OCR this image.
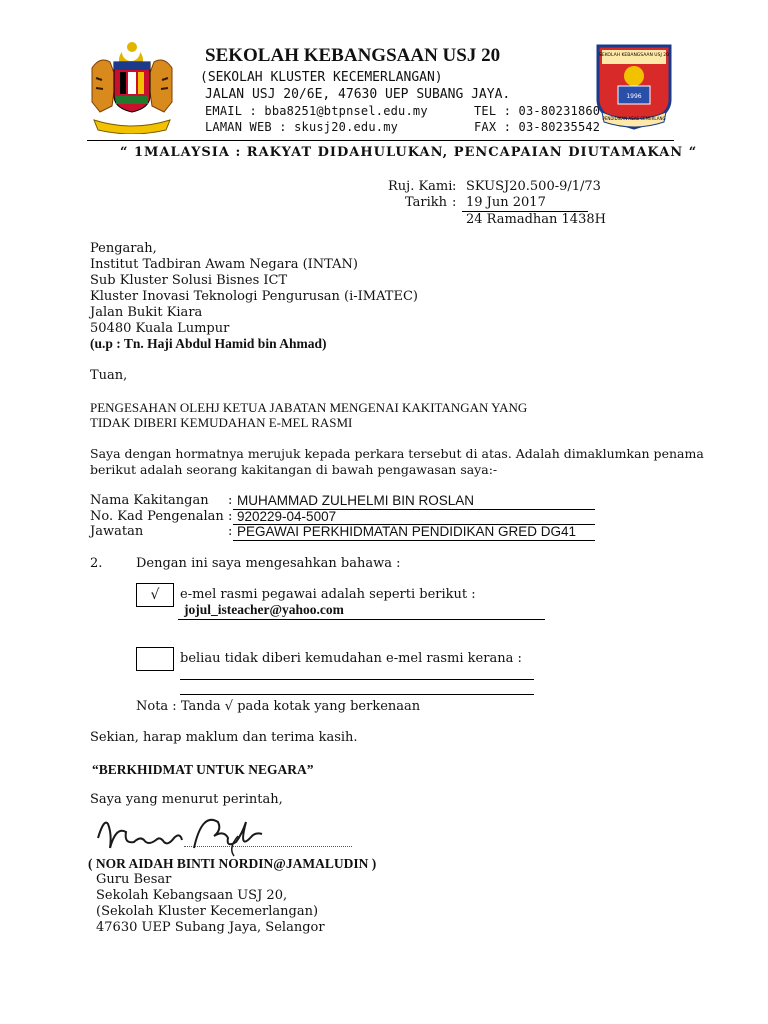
SEKOLAH KEBANGSAAN USJ 20
(SEKOLAH KLUSTER KECEMERLANGAN)
JALAN USJ 20/6E, 47630 UEP SUBANG JAYA.
EMAIL : bba8251@btpnsel.edu.my
LAMAN WEB : skusj20.edu.my
TEL : 03-80231860
FAX : 03-80235542
SEKOLAH KEBANGSAAN USJ 20
1996
PENDIDIKAN ASAS CEMERLANG
“ 1MALAYSIA : RAKYAT DIDAHULUKAN, PENCAPAIAN DIUTAMAKAN “
Ruj. Kami : SKUSJ20.500-9/1/73
Tarikh : 19 Jun 2017
24 Ramadhan 1438H
Pengarah,
Institut Tadbiran Awam Negara (INTAN)
Sub Kluster Solusi Bisnes ICT
Kluster Inovasi Teknologi Pengurusan (i-IMATEC)
Jalan Bukit Kiara
50480 Kuala Lumpur
(u.p : Tn. Haji Abdul Hamid bin Ahmad)
Tuan,
PENGESAHAN OLEHJ KETUA JABATAN MENGENAI KAKITANGAN YANG
TIDAK DIBERI KEMUDAHAN E-MEL RASMI
Saya dengan hormatnya merujuk kepada perkara tersebut di atas. Adalah dimaklumkan penama
berikut adalah seorang kakitangan di bawah pengawasan saya:-
Nama Kakitangan : MUHAMMAD ZULHELMI BIN ROSLAN
No. Kad Pengenalan : 920229-04-5007
Jawatan	: PEGAWAI PERKHIDMATAN PENDIDIKAN GRED DG41
2.	Dengan ini saya mengesahkan bahawa :
√	e-mel rasmi pegawai adalah seperti berikut :
jojul_isteacher@yahoo.com
beliau tidak diberi kemudahan e-mel rasmi kerana :
Nota : Tanda √ pada kotak yang berkenaan
Sekian, harap maklum dan terima kasih.
“BERKHIDMAT UNTUK NEGARA”
Saya yang menurut perintah,
( NOR AIDAH BINTI NORDIN@JAMALUDIN )
Guru Besar
Sekolah Kebangsaan USJ 20,
(Sekolah Kluster Kecemerlangan)
47630 UEP Subang Jaya, Selangor
